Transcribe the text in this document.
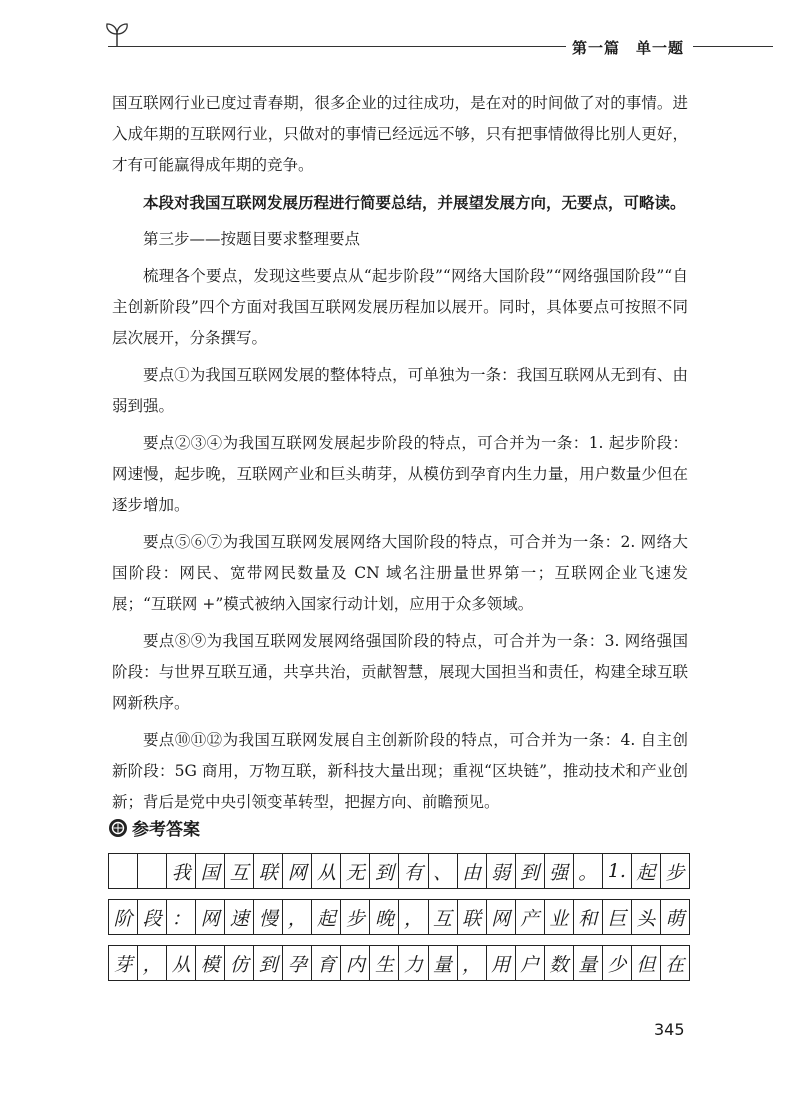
第一篇　单一题

国互联网行业已度过青春期，很多企业的过往成功，是在对的时间做了对的事情。进入成年期的互联网行业，只做对的事情已经远远不够，只有把事情做得比别人更好，才有可能赢得成年期的竞争。

本段对我国互联网发展历程进行简要总结，并展望发展方向，无要点，可略读。

第三步——按题目要求整理要点

梳理各个要点，发现这些要点从“起步阶段”“网络大国阶段”“网络强国阶段”“自主创新阶段”四个方面对我国互联网发展历程加以展开。同时，具体要点可按照不同层次展开，分条撰写。

要点①为我国互联网发展的整体特点，可单独为一条：我国互联网从无到有、由弱到强。

要点②③④为我国互联网发展起步阶段的特点，可合并为一条：1. 起步阶段：网速慢，起步晚，互联网产业和巨头萌芽，从模仿到孕育内生力量，用户数量少但在逐步增加。

要点⑤⑥⑦为我国互联网发展网络大国阶段的特点，可合并为一条：2. 网络大国阶段：网民、宽带网民数量及 CN 域名注册量世界第一；互联网企业飞速发展；“互联网 +”模式被纳入国家行动计划，应用于众多领域。

要点⑧⑨为我国互联网发展网络强国阶段的特点，可合并为一条：3. 网络强国阶段：与世界互联互通，共享共治，贡献智慧，展现大国担当和责任，构建全球互联网新秩序。

要点⑩⑪⑫为我国互联网发展自主创新阶段的特点，可合并为一条：4. 自主创新阶段：5G 商用，万物互联，新科技大量出现；重视“区块链”，推动技术和产业创新；背后是党中央引领变革转型，把握方向、前瞻预见。

参考答案
我 国 互 联 网 从 无 到 有 、 由 弱 到 强 。 1. 起 步
阶 段 ： 网 速 慢 ， 起 步 晚 ， 互 联 网 产 业 和 巨 头 萌
芽 ， 从 模 仿 到 孕 育 内 生 力 量 ， 用 户 数 量 少 但 在
345
